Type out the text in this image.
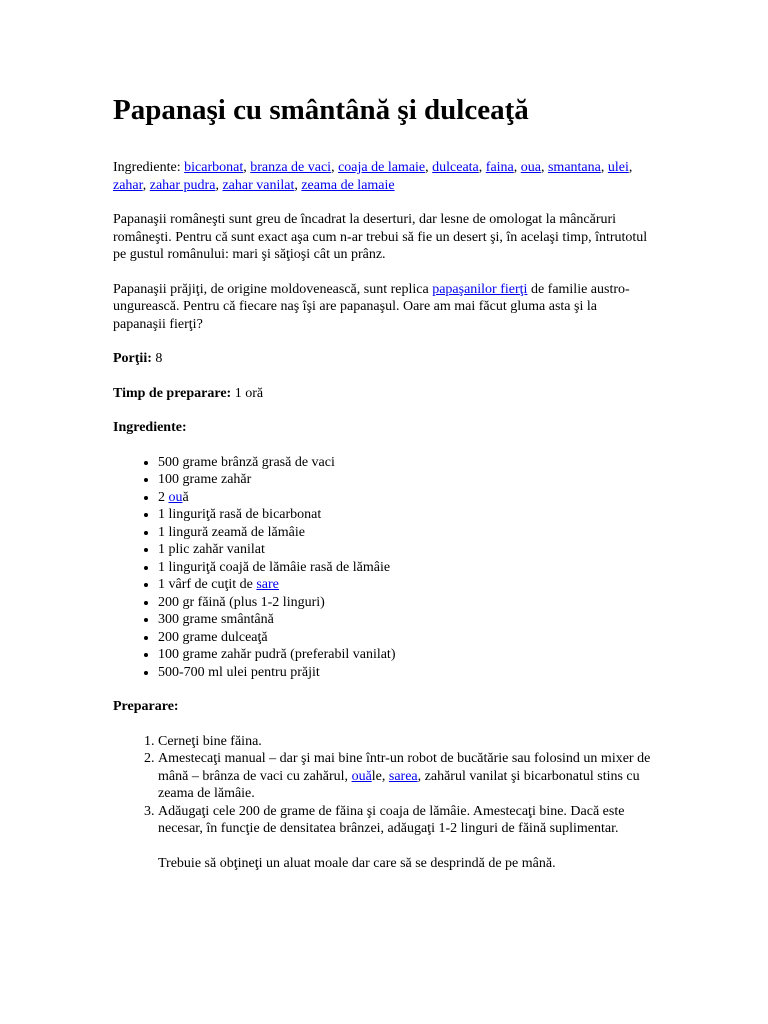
Papanaşi cu smântână şi dulceaţă

Ingrediente: bicarbonat, branza de vaci, coaja de lamaie, dulceata, faina, oua, smantana, ulei, zahar, zahar pudra, zahar vanilat, zeama de lamaie

Papanaşii româneşti sunt greu de încadrat la deserturi, dar lesne de omologat la mâncăruri româneşti. Pentru că sunt exact aşa cum n-ar trebui să fie un desert şi, în acelaşi timp, întrutotul pe gustul românului: mari şi săţioşi cât un prânz.

Papanaşii prăjiţi, de origine moldovenească, sunt replica papaşanilor fierţi de familie austro-ungurească. Pentru că fiecare naş îşi are papanaşul. Oare am mai făcut gluma asta şi la papanaşii fierţi?

Porţii: 8

Timp de preparare: 1 oră

Ingrediente:

• 500 grame brânză grasă de vaci
• 100 grame zahăr
• 2 ouă
• 1 linguriţă rasă de bicarbonat
• 1 lingură zeamă de lămâie
• 1 plic zahăr vanilat
• 1 linguriţă coajă de lămâie rasă de lămâie
• 1 vârf de cuţit de sare
• 200 gr făină (plus 1-2 linguri)
• 300 grame smântână
• 200 grame dulceaţă
• 100 grame zahăr pudră (preferabil vanilat)
• 500-700 ml ulei pentru prăjit

Preparare:

1. Cerneţi bine făina.
2. Amestecaţi manual – dar şi mai bine într-un robot de bucătărie sau folosind un mixer de mână – brânza de vaci cu zahărul, ouăle, sarea, zahărul vanilat şi bicarbonatul stins cu zeama de lămâie.
3. Adăugaţi cele 200 de grame de făina şi coaja de lămâie. Amestecaţi bine. Dacă este necesar, în funcţie de densitatea brânzei, adăugaţi 1-2 linguri de făină suplimentar.
Trebuie să obţineţi un aluat moale dar care să se desprindă de pe mână.
